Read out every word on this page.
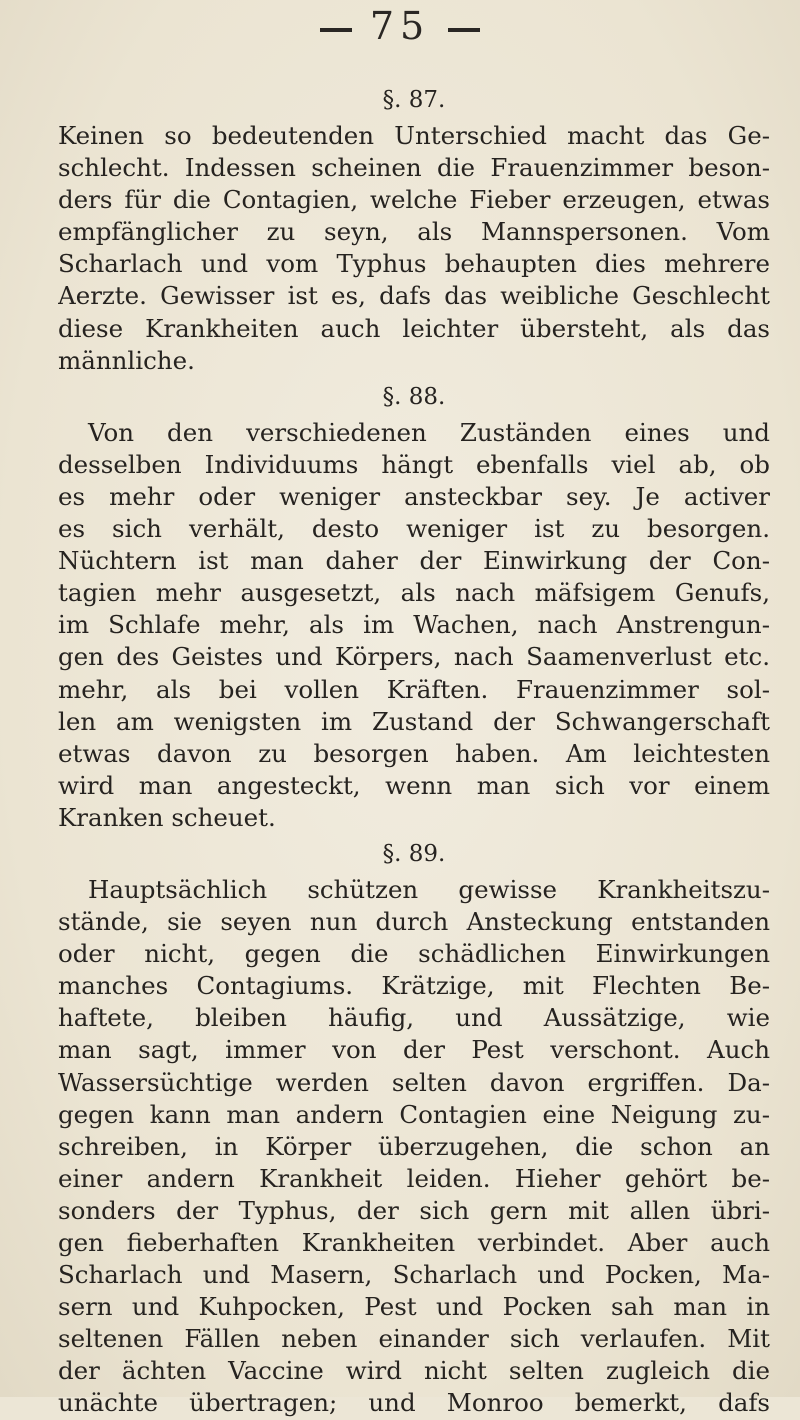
75
§. 87.
Keinen so bedeutenden Unterschied macht das Ge-
schlecht. Indessen scheinen die Frauenzimmer beson-
ders für die Contagien, welche Fieber erzeugen, etwas
empfänglicher zu seyn, als Mannspersonen. Vom
Scharlach und vom Typhus behaupten dies mehrere
Aerzte. Gewisser ist es, dafs das weibliche Geschlecht
diese Krankheiten auch leichter übersteht, als das
männliche.
§. 88.
Von den verschiedenen Zuständen eines und
desselben Individuums hängt ebenfalls viel ab, ob
es mehr oder weniger ansteckbar sey. Je activer
es sich verhält, desto weniger ist zu besorgen.
Nüchtern ist man daher der Einwirkung der Con-
tagien mehr ausgesetzt, als nach mäfsigem Genufs,
im Schlafe mehr, als im Wachen, nach Anstrengun-
gen des Geistes und Körpers, nach Saamenverlust etc.
mehr, als bei vollen Kräften. Frauenzimmer sol-
len am wenigsten im Zustand der Schwangerschaft
etwas davon zu besorgen haben. Am leichtesten
wird man angesteckt, wenn man sich vor einem
Kranken scheuet.
§. 89.
Hauptsächlich schützen gewisse Krankheitszu-
stände, sie seyen nun durch Ansteckung entstanden
oder nicht, gegen die schädlichen Einwirkungen
manches Contagiums. Krätzige, mit Flechten Be-
haftete, bleiben häufig, und Aussätzige, wie
man sagt, immer von der Pest verschont. Auch
Wassersüchtige werden selten davon ergriffen. Da-
gegen kann man andern Contagien eine Neigung zu-
schreiben, in Körper überzugehen, die schon an
einer andern Krankheit leiden. Hieher gehört be-
sonders der Typhus, der sich gern mit allen übri-
gen fieberhaften Krankheiten verbindet. Aber auch
Scharlach und Masern, Scharlach und Pocken, Ma-
sern und Kuhpocken, Pest und Pocken sah man in
seltenen Fällen neben einander sich verlaufen. Mit
der ächten Vaccine wird nicht selten zugleich die
unächte übertragen; und Monroo bemerkt, dafs
